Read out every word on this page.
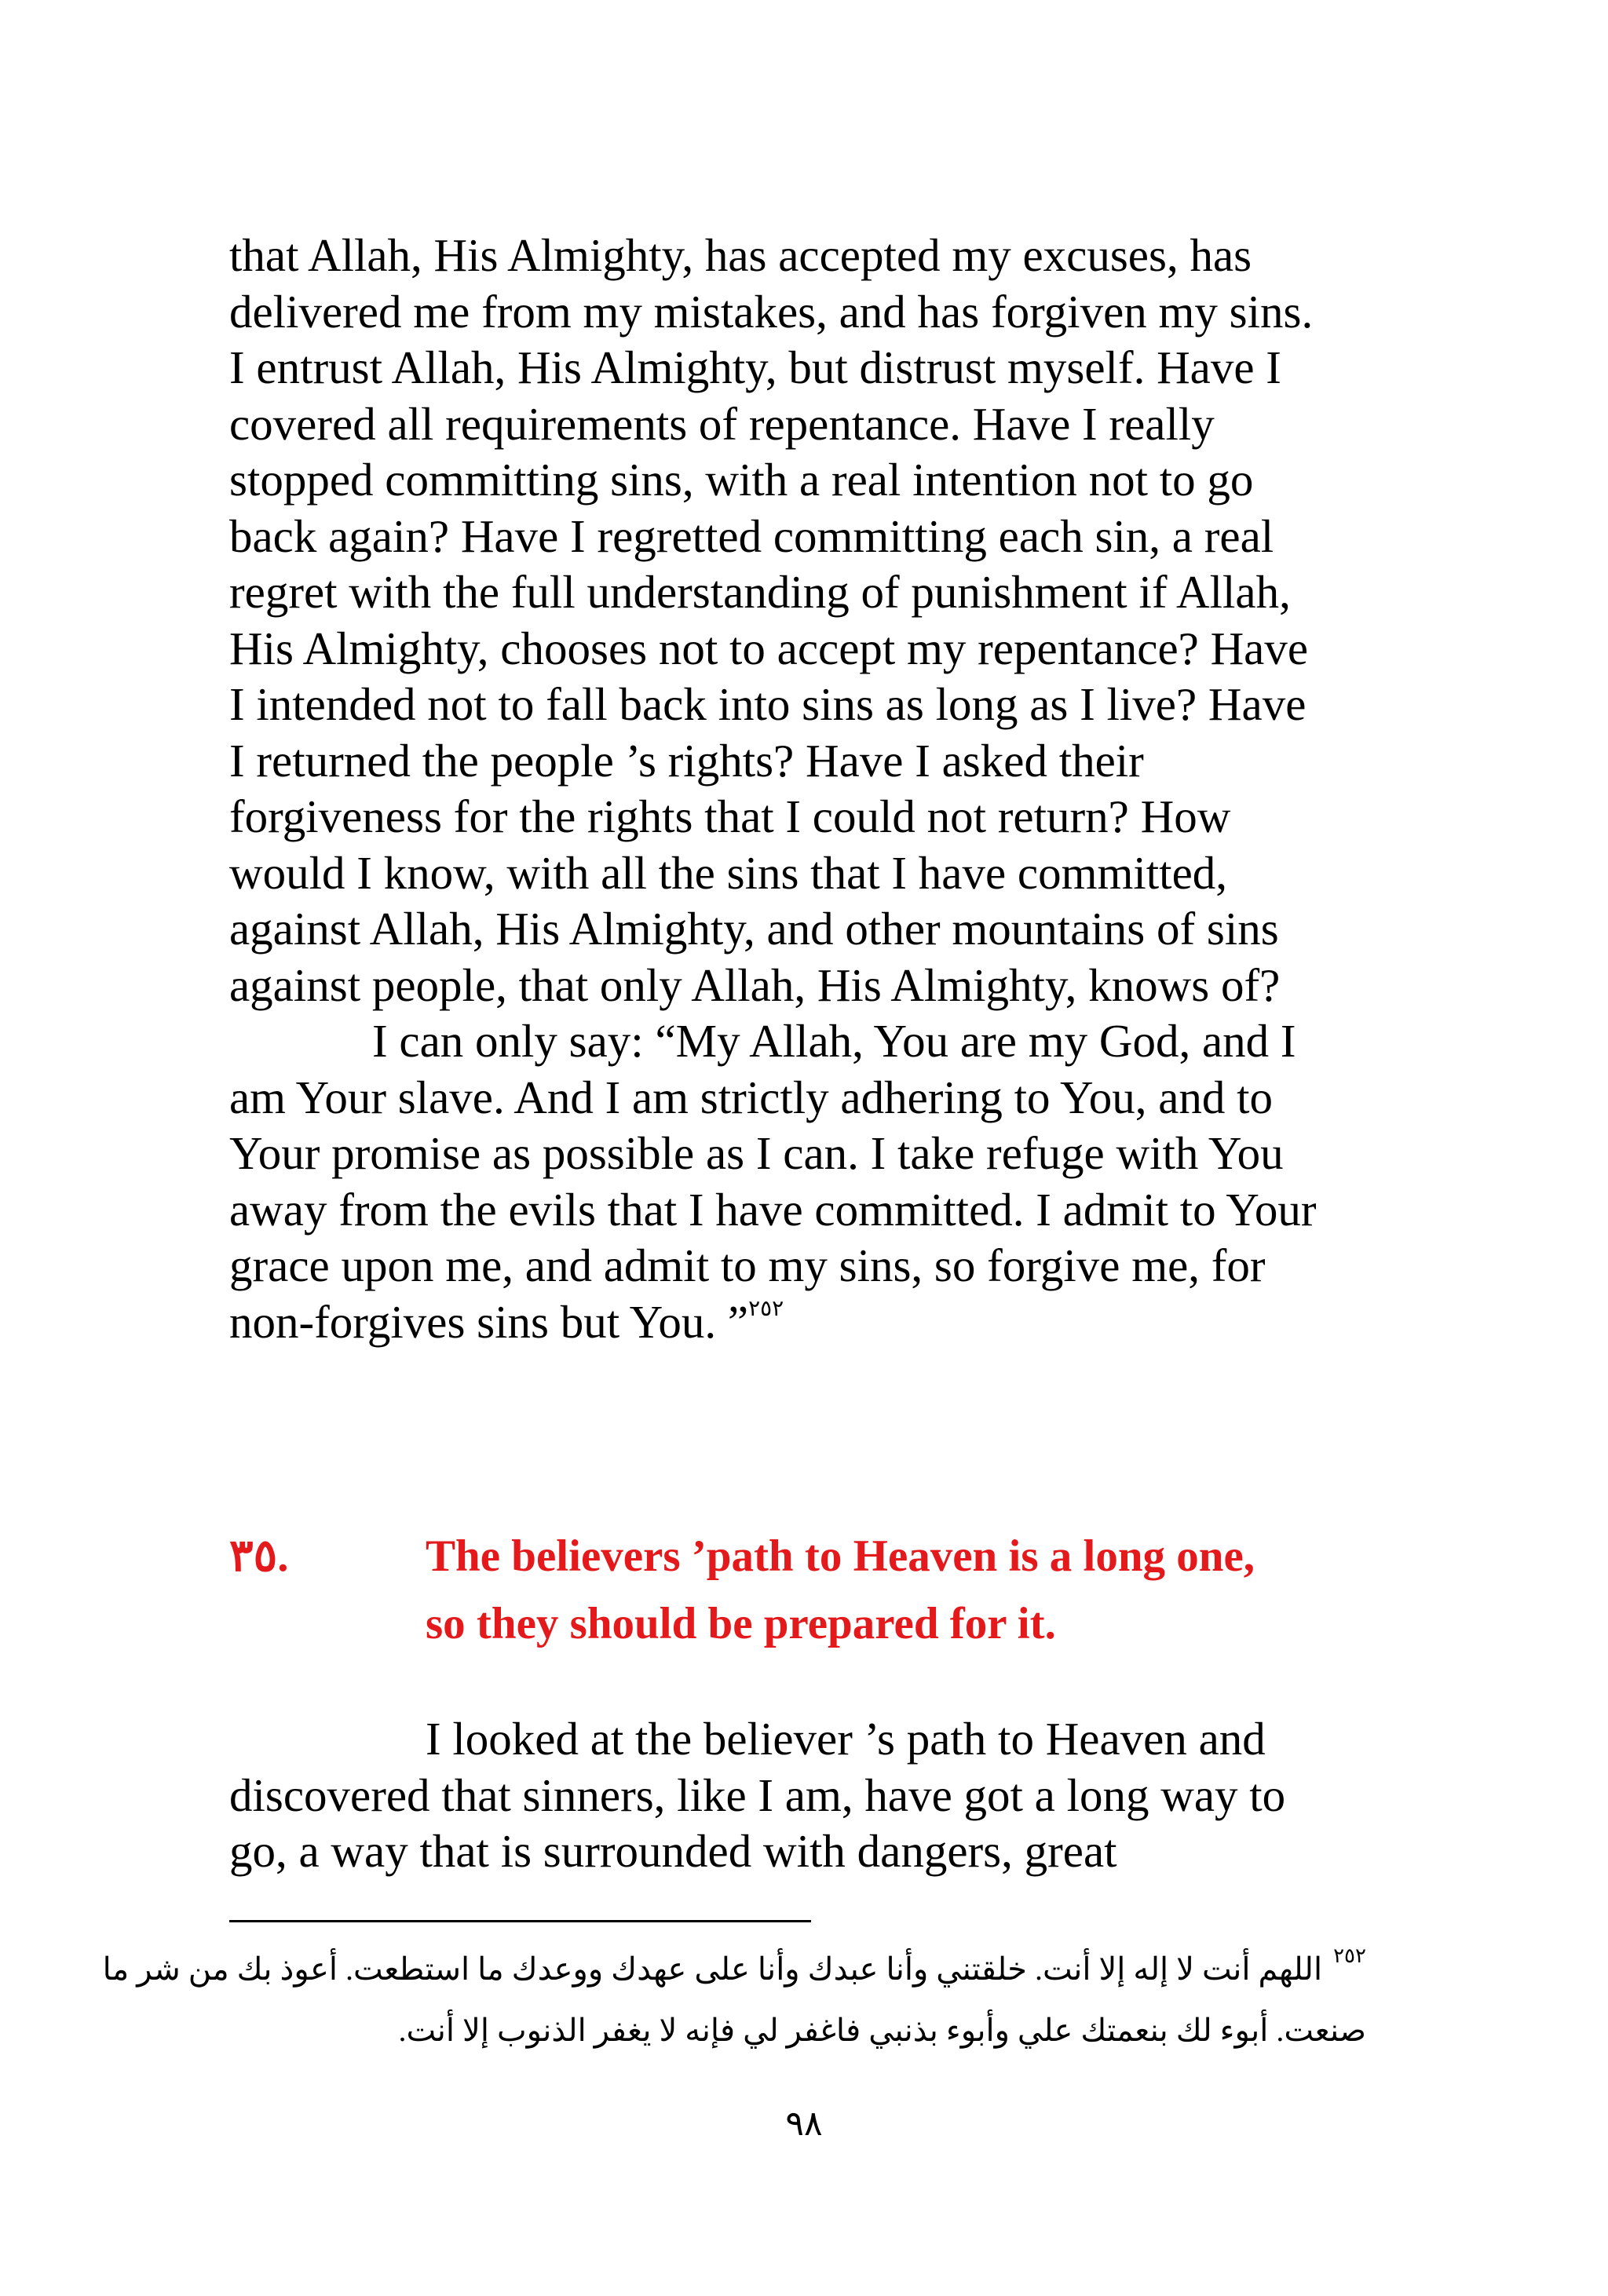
that Allah, His Almighty, has accepted my excuses, has
delivered me from my mistakes, and has forgiven my sins.
I entrust Allah, His Almighty, but distrust myself. Have I
covered all requirements of repentance. Have I really
stopped committing sins, with a real intention not to go
back again? Have I regretted committing each sin, a real
regret with the full understanding of punishment if Allah,
His Almighty, chooses not to accept my repentance? Have
I intended not to fall back into sins as long as I live? Have
I returned the people ’s rights? Have I asked their
forgiveness for the rights that I could not return? How
would I know, with all the sins that I have committed,
against Allah, His Almighty, and other mountains of sins
against people, that only Allah, His Almighty, knows of?
I can only say: “My Allah, You are my God, and I
am Your slave. And I am strictly adhering to You, and to
Your promise as possible as I can. I take refuge with You
away from the evils that I have committed. I admit to Your
grace upon me, and admit to my sins, so forgive me, for
non-forgives sins but You. ”$^{٢٥٢}$
٣٥.	The believers ’path to Heaven is a long one,
so they should be prepared for it.
I looked at the believer ’s path to Heaven and
discovered that sinners, like I am, have got a long way to
go, a way that is surrounded with dangers, great
$^{٢٥٢}$اللهم أنت لا إله إلا أنت. خلقتني وأنا عبدك وأنا على عهدك ووعدك ما استطعت. أعوذ بك من شر ما
صنعت. أبوء لك بنعمتك علي وأبوء بذنبي فاغفر لي فإنه لا يغفر الذنوب إلا أنت.
٩٨
